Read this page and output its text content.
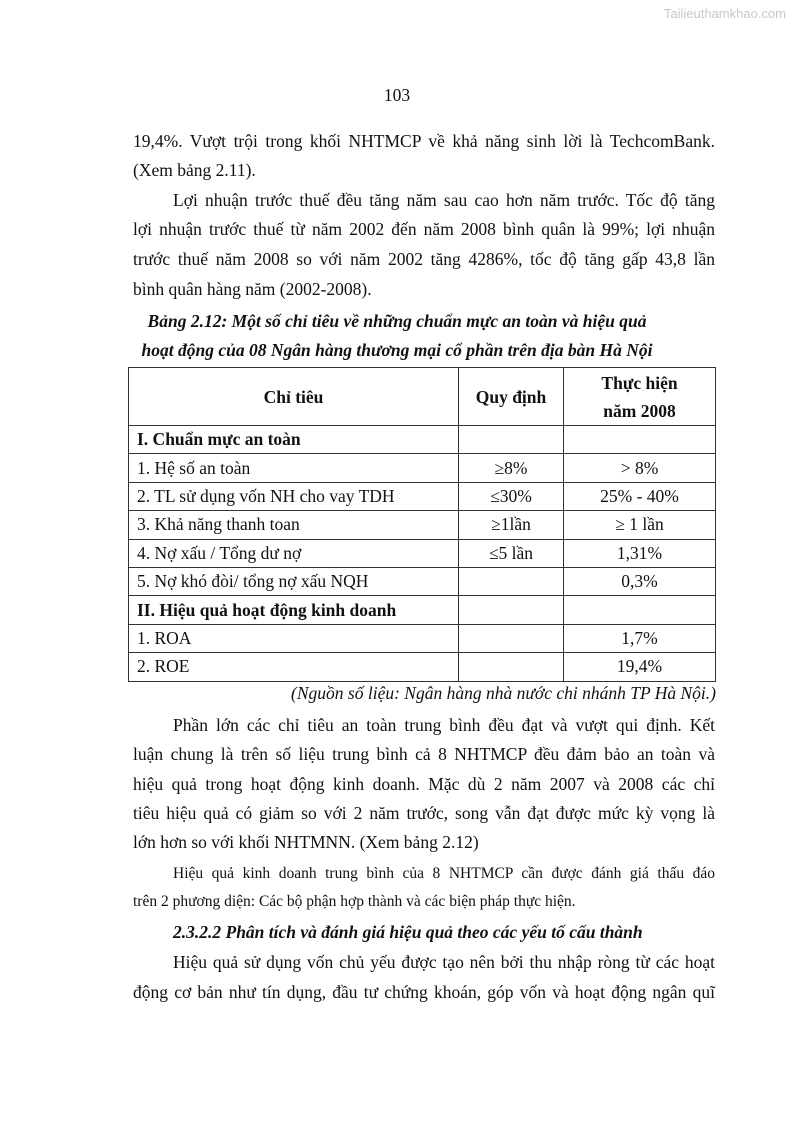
Tailieuthamkhao.com
103
19,4%. Vượt trội trong khối NHTMCP về khả năng sinh lời là TechcomBank.
(Xem bảng 2.11).
Lợi nhuận trước thuế đều tăng năm sau cao hơn năm trước. Tốc độ tăng
lợi nhuận trước thuế từ năm 2002 đến năm 2008 bình quân là 99%; lợi nhuận
trước thuế năm 2008 so với năm 2002 tăng 4286%, tốc độ tăng gấp 43,8 lần
bình quân hàng năm (2002-2008).
Bảng 2.12: Một số chỉ tiêu về những chuẩn mực an toàn và hiệu quả
hoạt động của 08 Ngân hàng thương mại cổ phần trên địa bàn Hà Nội
Chỉ tiêu	Quy định	Thực hiện
năm 2008
I. Chuẩn mực an toàn		
1. Hệ số an toàn	≥8%	> 8%
2. TL sử dụng vốn NH cho vay TDH	≤30%	25% - 40%
3. Khả năng thanh toan	≥1lần	≥ 1 lần
4. Nợ xấu / Tổng dư nợ	≤5 lần	1,31%
5. Nợ khó đòi/ tổng nợ xấu NQH		0,3%
II. Hiệu quả hoạt động kinh doanh		
1. ROA		1,7%
2. ROE		19,4%
(Nguồn số liệu: Ngân hàng nhà nước chi nhánh TP Hà Nội.)
Phần lớn các chỉ tiêu an toàn trung bình đều đạt và vượt qui định. Kết
luận chung là trên số liệu trung bình cả 8 NHTMCP đều đảm bảo an toàn và
hiệu quả trong hoạt động kinh doanh. Mặc dù 2 năm 2007 và 2008 các chỉ
tiêu hiệu quả có giảm so với 2 năm trước, song vẫn đạt được mức kỳ vọng là
lớn hơn so với khối NHTMNN. (Xem bảng 2.12)
Hiệu quả kinh doanh trung bình của 8 NHTMCP cần được đánh giá thấu đáo
trên 2 phương diện: Các bộ phận hợp thành và các biện pháp thực hiện.
2.3.2.2 Phân tích và đánh giá hiệu quả theo các yếu tố cấu thành
Hiệu quả sử dụng vốn chủ yếu được tạo nên bởi thu nhập ròng từ các hoạt
động cơ bản như tín dụng, đầu tư chứng khoán, góp vốn và hoạt động ngân quĩ
